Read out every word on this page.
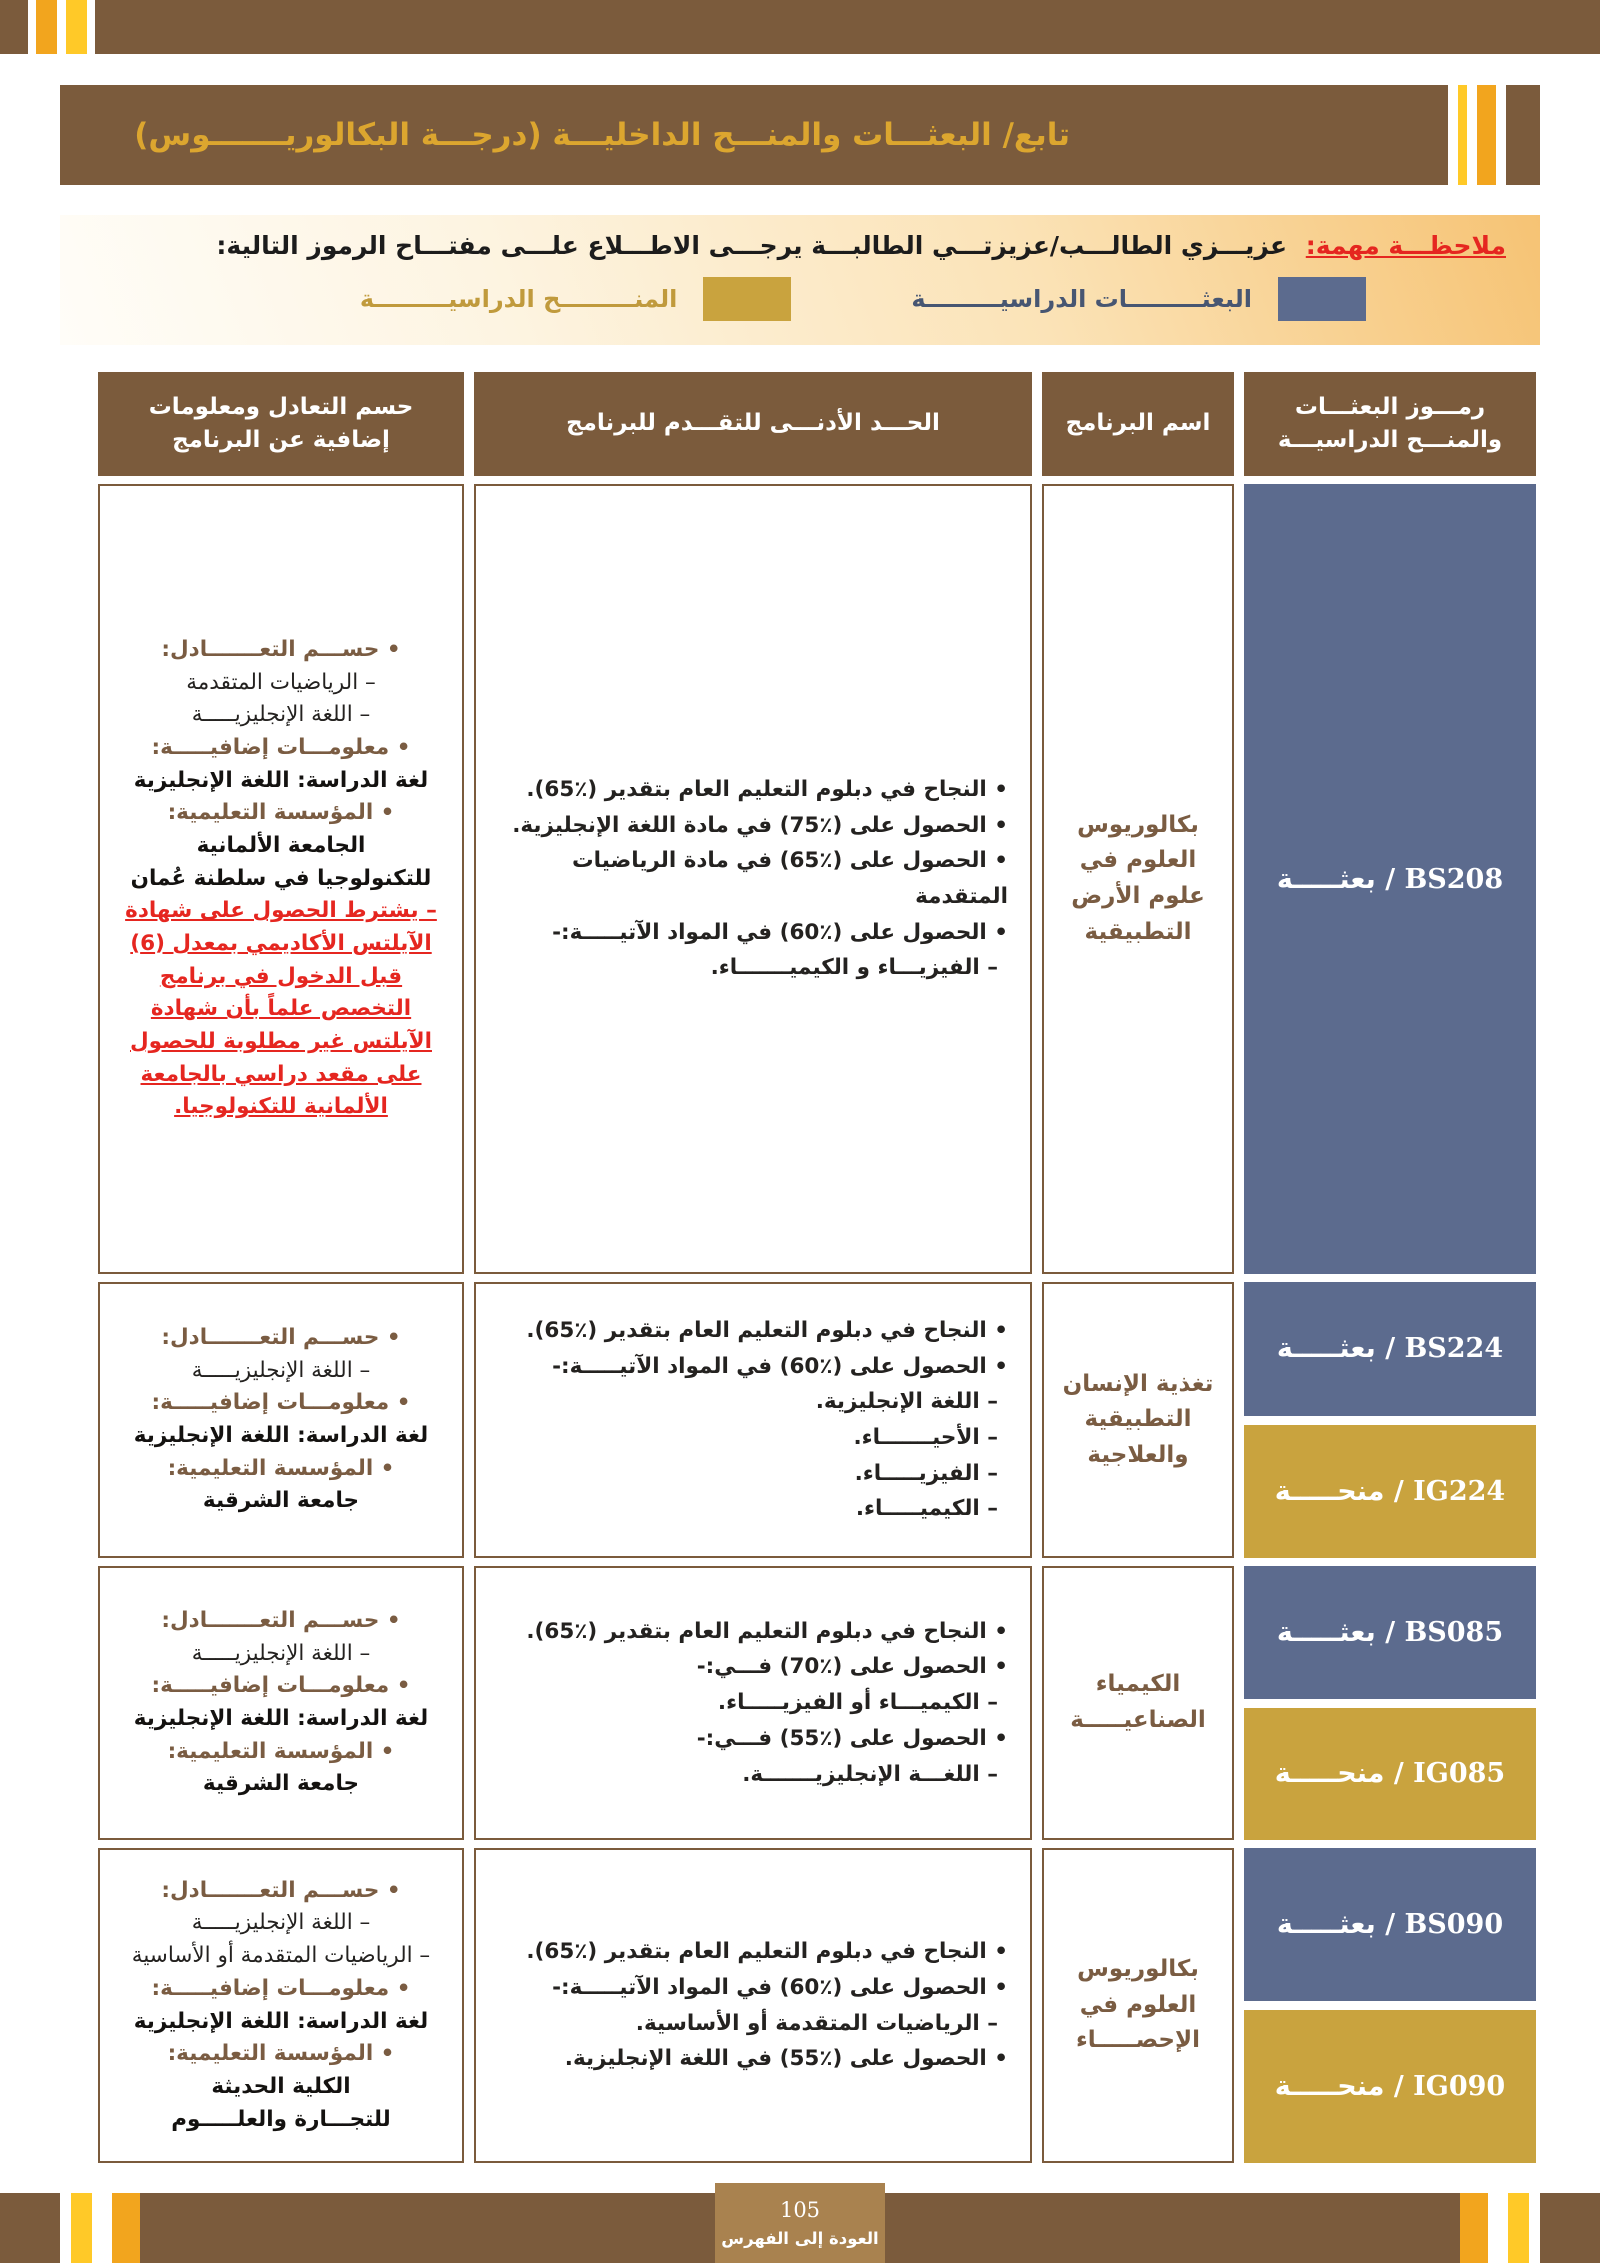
تابع/ البعثـــات والمنـــح الداخليـــة (درجـــة البكالوريـــــــوس)
ملاحظـــة مهمة: عزيـــزي الطالـــب/عزيزتـــي الطالبـــة يرجـــى الاطـــلاع علـــى مفتـــاح الرموز التالية:
البعثـــــــــات الدراسيـــــــــة
المنـــــــــح الدراسيـــــــــة
رمـــوز البعثـــات
والمنـــح الدراسيـــة
اسم البرنامج
الحـــد الأدنـــى للتقـــدم للبرنامج
حسم التعادل ومعلومات
إضافية عن البرنامج
BS208 / بعثـــــة
بكالوريوس
العلوم في
علوم الأرض
التطبيقية
• النجاح في دبلوم التعليم العام بتقدير (٪65).
• الحصول على (٪75) في مادة اللغة الإنجليزية.
• الحصول على (٪65) في مادة الرياضيات المتقدمة
• الحصول على (٪60) في المواد الآتيـــــة:-
– الفيزيـــاء و الكيميـــــــاء.
• حســـم التعـــــــادل:
– الرياضيات المتقدمة
– اللغة الإنجليزيـــــة
• معلومـــات إضافيـــــة:
لغة الدراسة: اللغة الإنجليزية
• المؤسسة التعليمية:
الجامعة الألمانية
للتكنولوجيا في سلطنة عُمان
– يشترط الحصول على شهادة
الآيلتس الأكاديمي بمعدل (6)
قبل الدخول في برنامج
التخصص علماً بأن شهادة
الآيلتس غير مطلوبة للحصول
على مقعد دراسي بالجامعة
الألمانية للتكنولوجيا.
BS224 / بعثـــــة
IG224 / منحـــــة
تغذية الإنسان
التطبيقية
والعلاجية
• النجاح في دبلوم التعليم العام بتقدير (٪65).
• الحصول على (٪60) في المواد الآتيـــــة:-
– اللغة الإنجليزية.
– الأحيـــــــاء.
– الفيزيـــــاء.
– الكيميـــــاء.
• حســـم التعـــــــادل:
– اللغة الإنجليزيـــــة
• معلومـــات إضافيـــــة:
لغة الدراسة: اللغة الإنجليزية
• المؤسسة التعليمية:
جامعة الشرقية
BS085 / بعثـــــة
IG085 / منحـــــة
الكيمياء
الصناعيـــــة
• النجاح في دبلوم التعليم العام بتقدير (٪65).
• الحصول على (٪70) فـــي:-
– الكيميـــاء أو الفيزيـــــاء.
• الحصول على (٪55) فـــي:-
– اللغـــة الإنجليزيـــــــة.
• حســـم التعـــــــادل:
– اللغة الإنجليزيـــــة
• معلومـــات إضافيـــــة:
لغة الدراسة: اللغة الإنجليزية
• المؤسسة التعليمية:
جامعة الشرقية
BS090 / بعثـــــة
IG090 / منحـــــة
بكالوريوس
العلوم في
الإحصـــــاء
• النجاح في دبلوم التعليم العام بتقدير (٪65).
• الحصول على (٪60) في المواد الآتيـــــة:-
– الرياضيات المتقدمة أو الأساسية.
• الحصول على (٪55) في اللغة الإنجليزية.
• حســـم التعـــــــادل:
– اللغة الإنجليزيـــــة
– الرياضيات المتقدمة أو الأساسية
• معلومـــات إضافيـــــة:
لغة الدراسة: اللغة الإنجليزية
• المؤسسة التعليمية:
الكلية الحديثة
للتجـــارة والعلـــــوم
105
العودة إلى الفهرس
